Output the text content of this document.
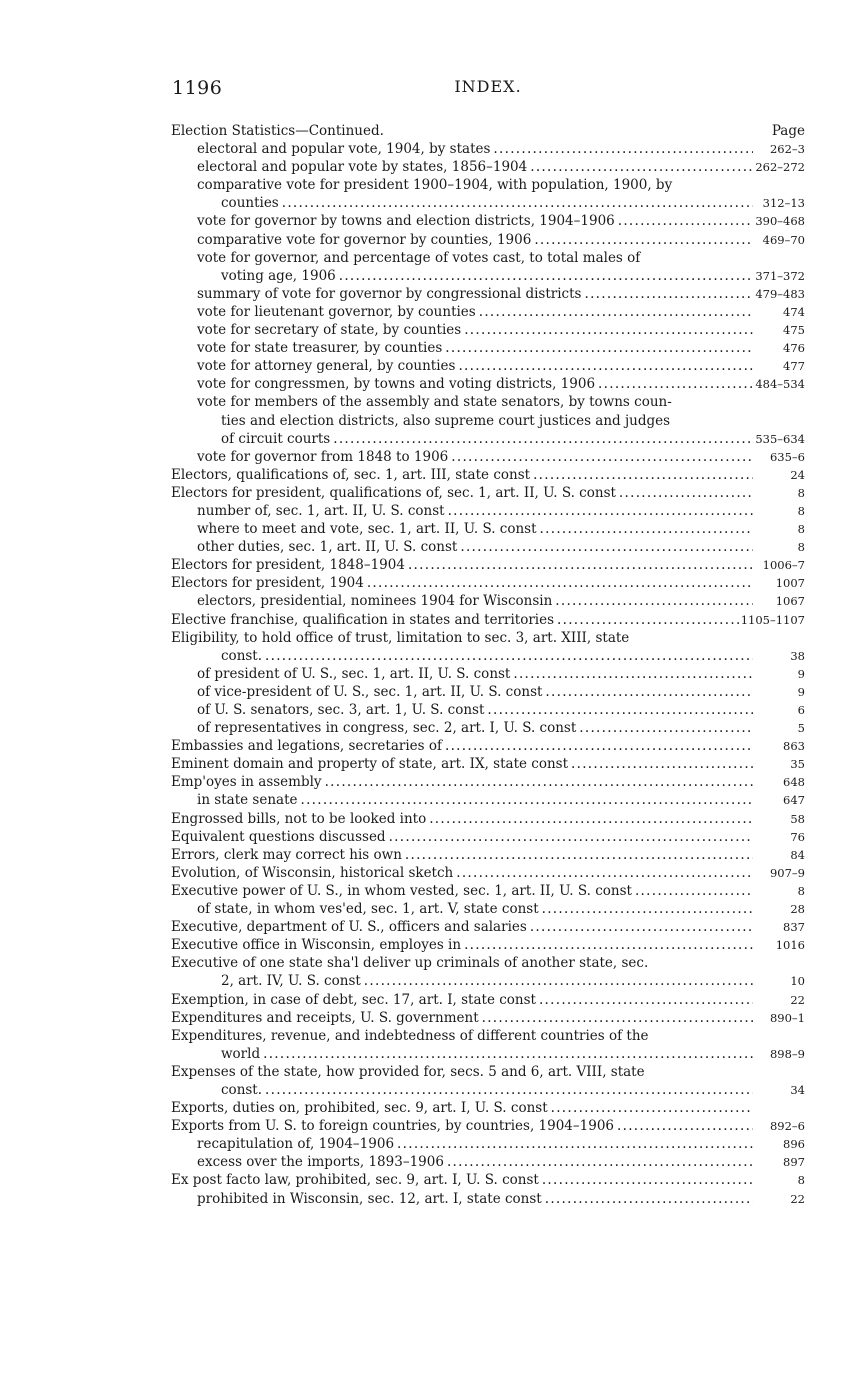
1196	INDEX.
Election Statistics—Continued.	Page
electoral and popular vote, 1904, by states .....	262–3
electoral and popular vote by states, 1856–1904 .....	262–272
comparative vote for president 1900–1904, with population, 1900, by
counties .....	312–13
vote for governor by towns and election districts, 1904–1906 .....	390–468
comparative vote for governor by counties, 1906 .....	469–70
vote for governor, and percentage of votes cast, to total males of
voting age, 1906 .....	371–372
summary of vote for governor by congressional districts .....	479–483
vote for lieutenant governor, by counties .....	474
vote for secretary of state, by counties .....	475
vote for state treasurer, by counties .....	476
vote for attorney general, by counties .....	477
vote for congressmen, by towns and voting districts, 1906 .....	484–534
vote for members of the assembly and state senators, by towns coun-
ties and election districts, also supreme court justices and judges
of circuit courts .....	535–634
vote for governor from 1848 to 1906 .....	635–6
Electors, qualifications of, sec. 1, art. III, state const .....	24
Electors for president, qualifications of, sec. 1, art. II, U. S. const .....	8
number of, sec. 1, art. II, U. S. const .....	8
where to meet and vote, sec. 1, art. II, U. S. const .....	8
other duties, sec. 1, art. II, U. S. const .....	8
Electors for president, 1848–1904 .....	1006–7
Electors for president, 1904 .....	1007
electors, presidential, nominees 1904 for Wisconsin .....	1067
Elective franchise, qualification in states and territories .....	1105–1107
Eligibility, to hold office of trust, limitation to sec. 3, art. XIII, state
const. .....	38
of president of U. S., sec. 1, art. II, U. S. const .....	9
of vice-president of U. S., sec. 1, art. II, U. S. const .....	9
of U. S. senators, sec. 3, art. 1, U. S. const .....	6
of representatives in congress, sec. 2, art. I, U. S. const .....	5
Embassies and legations, secretaries of .....	863
Eminent domain and property of state, art. IX, state const .....	35
Emp'oyes in assembly .....	648
in state senate .....	647
Engrossed bills, not to be looked into .....	58
Equivalent questions discussed .....	76
Errors, clerk may correct his own .....	84
Evolution, of Wisconsin, historical sketch .....	907–9
Executive power of U. S., in whom vested, sec. 1, art. II, U. S. const .....	8
of state, in whom ves'ed, sec. 1, art. V, state const .....	28
Executive, department of U. S., officers and salaries .....	837
Executive office in Wisconsin, employes in .....	1016
Executive of one state sha'l deliver up criminals of another state, sec.
2, art. IV, U. S. const .....	10
Exemption, in case of debt, sec. 17, art. I, state const .....	22
Expenditures and receipts, U. S. government .....	890–1
Expenditures, revenue, and indebtedness of different countries of the
world .....	898–9
Expenses of the state, how provided for, secs. 5 and 6, art. VIII, state
const. .....	34
Exports, duties on, prohibited, sec. 9, art. I, U. S. const
.....
Exports from U. S. to foreign countries, by countries, 1904–1906 .....	892–6
recapitulation of, 1904–1906 .....	896
excess over the imports, 1893–1906 .....	897
Ex post facto law, prohibited, sec. 9, art. I, U. S. const .....	8
prohibited in Wisconsin, sec. 12, art. I, state const .....	22
